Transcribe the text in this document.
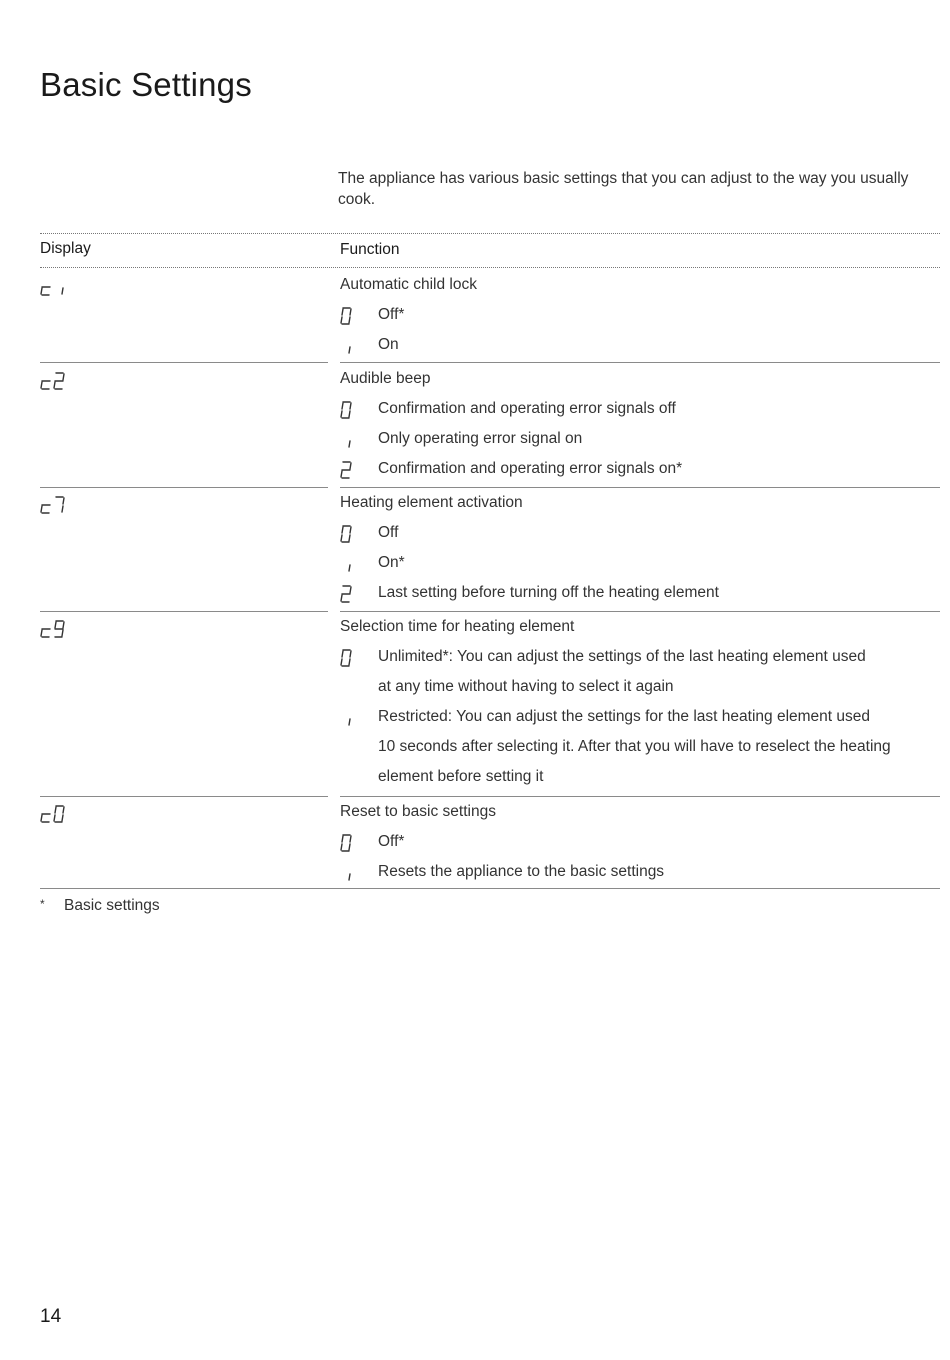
Basic Settings

The appliance has various basic settings that you can adjust to the way you usually cook.

Display	Function
Automatic child lock
Off*
On
Audible beep
Confirmation and operating error signals off
Only operating error signal on
Confirmation and operating error signals on*
Heating element activation
Off
On*
Last setting before turning off the heating element
Selection time for heating element
Unlimited*: You can adjust the settings of the last heating element used
at any time without having to select it again
Restricted: You can adjust the settings for the last heating element used
10 seconds after selecting it. After that you will have to reselect the heating
element before setting it
Reset to basic settings
Off*
Resets the appliance to the basic settings
* Basic settings
14
